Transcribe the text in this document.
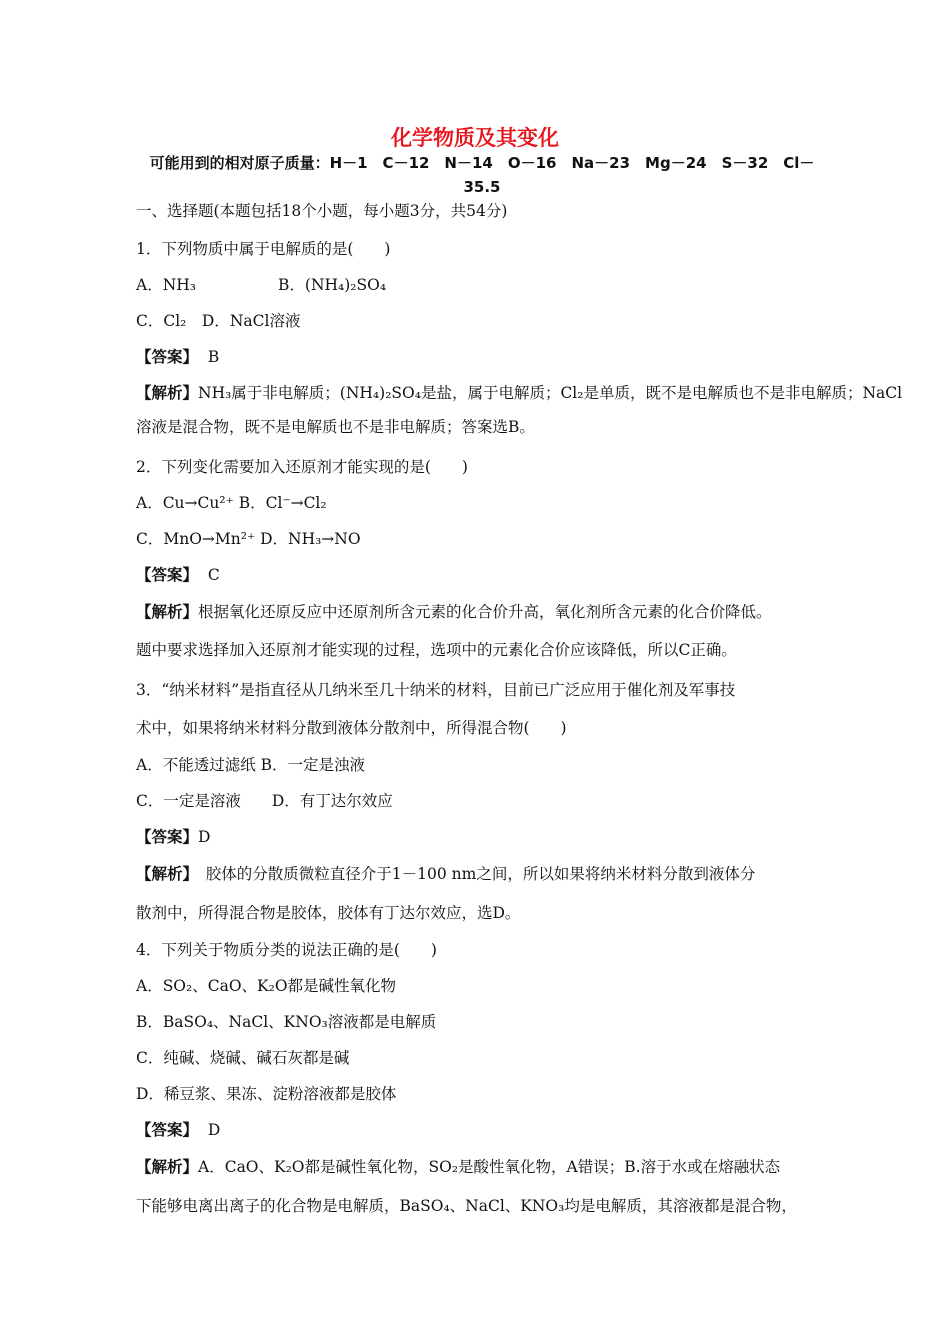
化学物质及其变化
可能用到的相对原子质量：H－1　C－12　N－14　O－16　Na－23　Mg－24　S－32　Cl－35.5
一、选择题(本题包括18个小题，每小题3分，共54分)
1．下列物质中属于电解质的是(　　)
A．NH₃	B．(NH₄)₂SO₄
C．Cl₂　D．NaCl溶液
【答案】 B
【解析】NH₃属于非电解质；(NH₄)₂SO₄是盐，属于电解质；Cl₂是单质，既不是电解质也不是非电解质；NaCl溶液是混合物，既不是电解质也不是非电解质；答案选B。
2．下列变化需要加入还原剂才能实现的是(　　)
A．Cu→Cu²⁺ B．Cl⁻→Cl₂
C．MnO→Mn²⁺ D．NH₃→NO
【答案】 C
【解析】根据氧化还原反应中还原剂所含元素的化合价升高，氧化剂所含元素的化合价降低。
题中要求选择加入还原剂才能实现的过程，选项中的元素化合价应该降低，所以C正确。
3．“纳米材料”是指直径从几纳米至几十纳米的材料，目前已广泛应用于催化剂及军事技
术中，如果将纳米材料分散到液体分散剂中，所得混合物(　　)
A．不能透过滤纸 B．一定是浊液
C．一定是溶液　　D．有丁达尔效应
【答案】D
【解析】　胶体的分散质微粒直径介于1－100 nm之间，所以如果将纳米材料分散到液体分
散剂中，所得混合物是胶体，胶体有丁达尔效应，选D。
4．下列关于物质分类的说法正确的是(　　)
A．SO₂、CaO、K₂O都是碱性氧化物
B．BaSO₄、NaCl、KNO₃溶液都是电解质
C．纯碱、烧碱、碱石灰都是碱
D．稀豆浆、果冻、淀粉溶液都是胶体
【答案】 D
【解析】A．CaO、K₂O都是碱性氧化物，SO₂是酸性氧化物，A错误；B.溶于水或在熔融状态
下能够电离出离子的化合物是电解质，BaSO₄、NaCl、KNO₃均是电解质，其溶液都是混合物，
